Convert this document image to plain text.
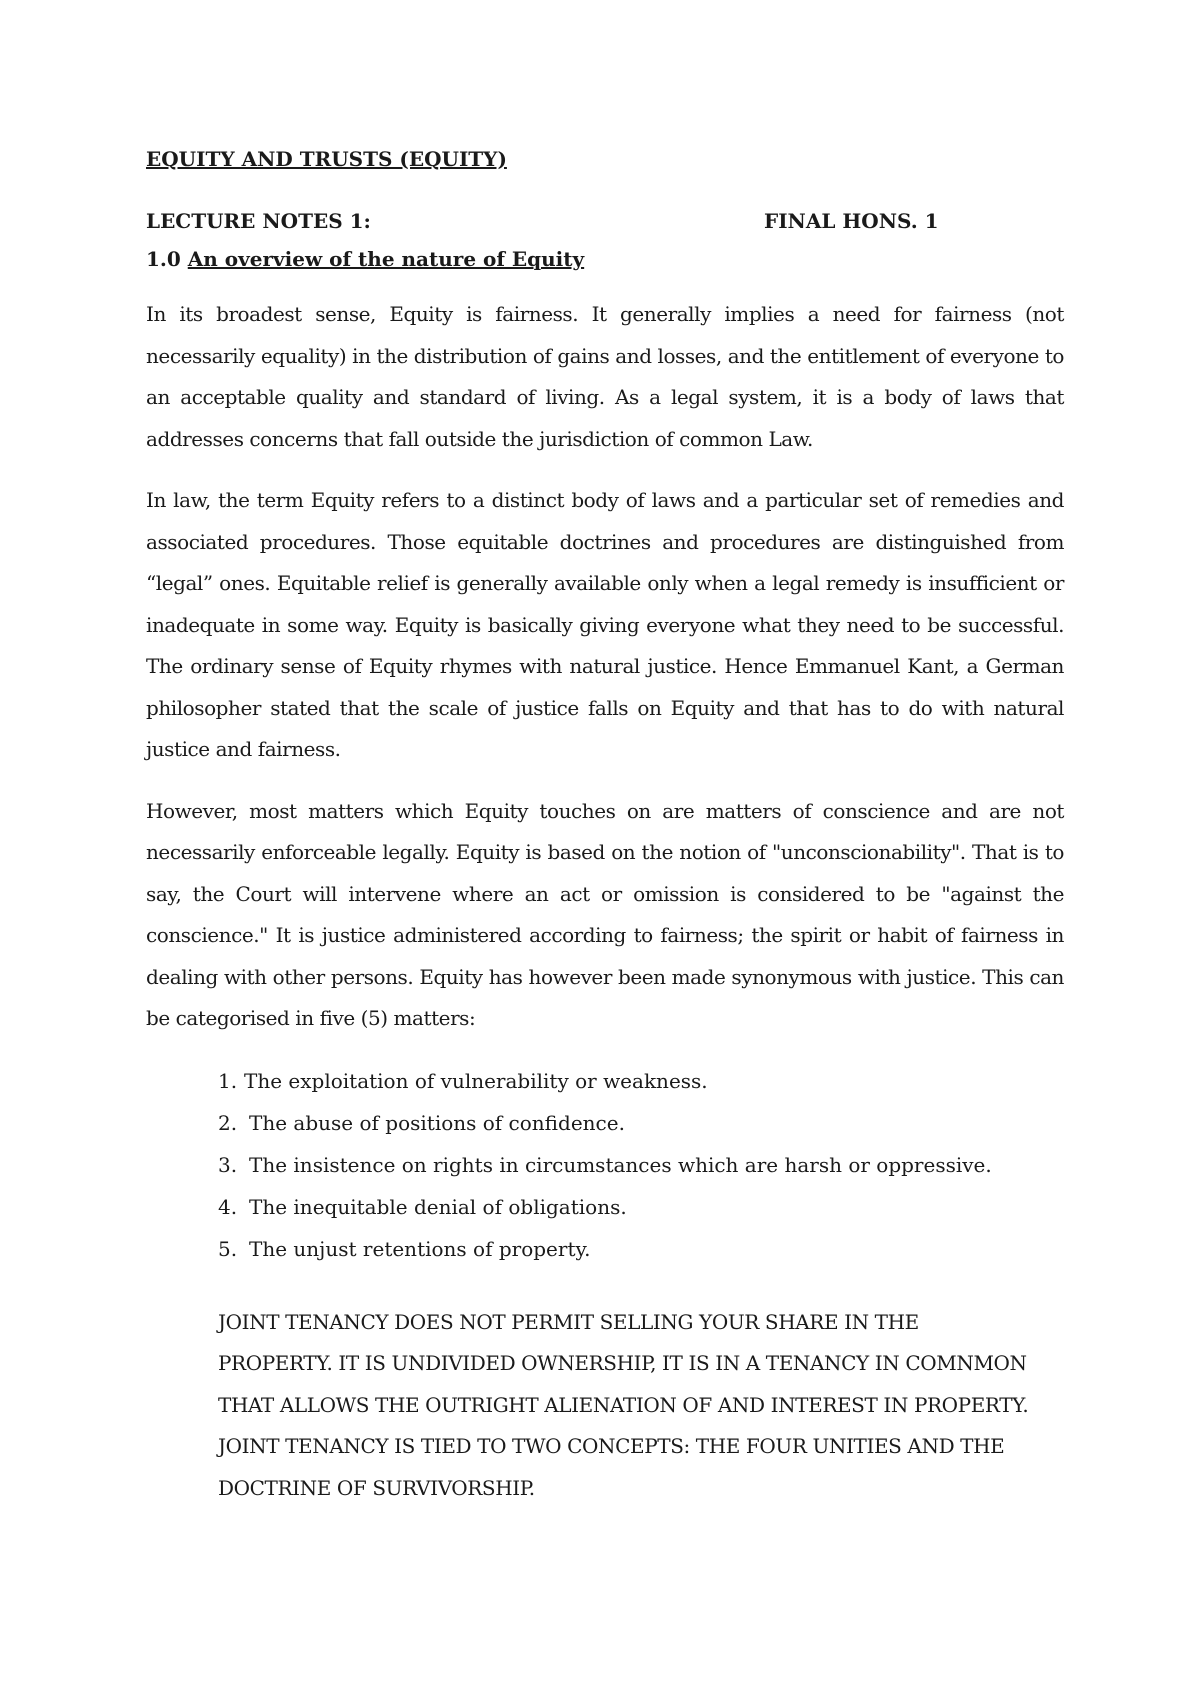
EQUITY AND TRUSTS (EQUITY)
LECTURE NOTES 1:	FINAL HONS. 1
1.0 An overview of the nature of Equity

In its broadest sense, Equity is fairness. It generally implies a need for fairness (not necessarily equality) in the distribution of gains and losses, and the entitlement of everyone to an acceptable quality and standard of living. As a legal system, it is a body of laws that addresses concerns that fall outside the jurisdiction of common Law.

In law, the term Equity refers to a distinct body of laws and a particular set of remedies and associated procedures. Those equitable doctrines and procedures are distinguished from “legal” ones. Equitable relief is generally available only when a legal remedy is insufficient or inadequate in some way. Equity is basically giving everyone what they need to be successful. The ordinary sense of Equity rhymes with natural justice. Hence Emmanuel Kant, a German philosopher stated that the scale of justice falls on Equity and that has to do with natural justice and fairness.

However, most matters which Equity touches on are matters of conscience and are not necessarily enforceable legally. Equity is based on the notion of "unconscionability". That is to say, the Court will intervene where an act or omission is considered to be "against the conscience." It is justice administered according to fairness; the spirit or habit of fairness in dealing with other persons. Equity has however been made synonymous with justice. This can be categorised in five (5) matters:

1. The exploitation of vulnerability or weakness.
2. The abuse of positions of confidence.
3. The insistence on rights in circumstances which are harsh or oppressive.
4. The inequitable denial of obligations.
5. The unjust retentions of property.

JOINT TENANCY DOES NOT PERMIT SELLING YOUR SHARE IN THE PROPERTY. IT IS UNDIVIDED OWNERSHIP, IT IS IN A TENANCY IN COMNMON THAT ALLOWS THE OUTRIGHT ALIENATION OF AND INTEREST IN PROPERTY.

JOINT TENANCY IS TIED TO TWO CONCEPTS: THE FOUR UNITIES AND THE DOCTRINE OF SURVIVORSHIP.
